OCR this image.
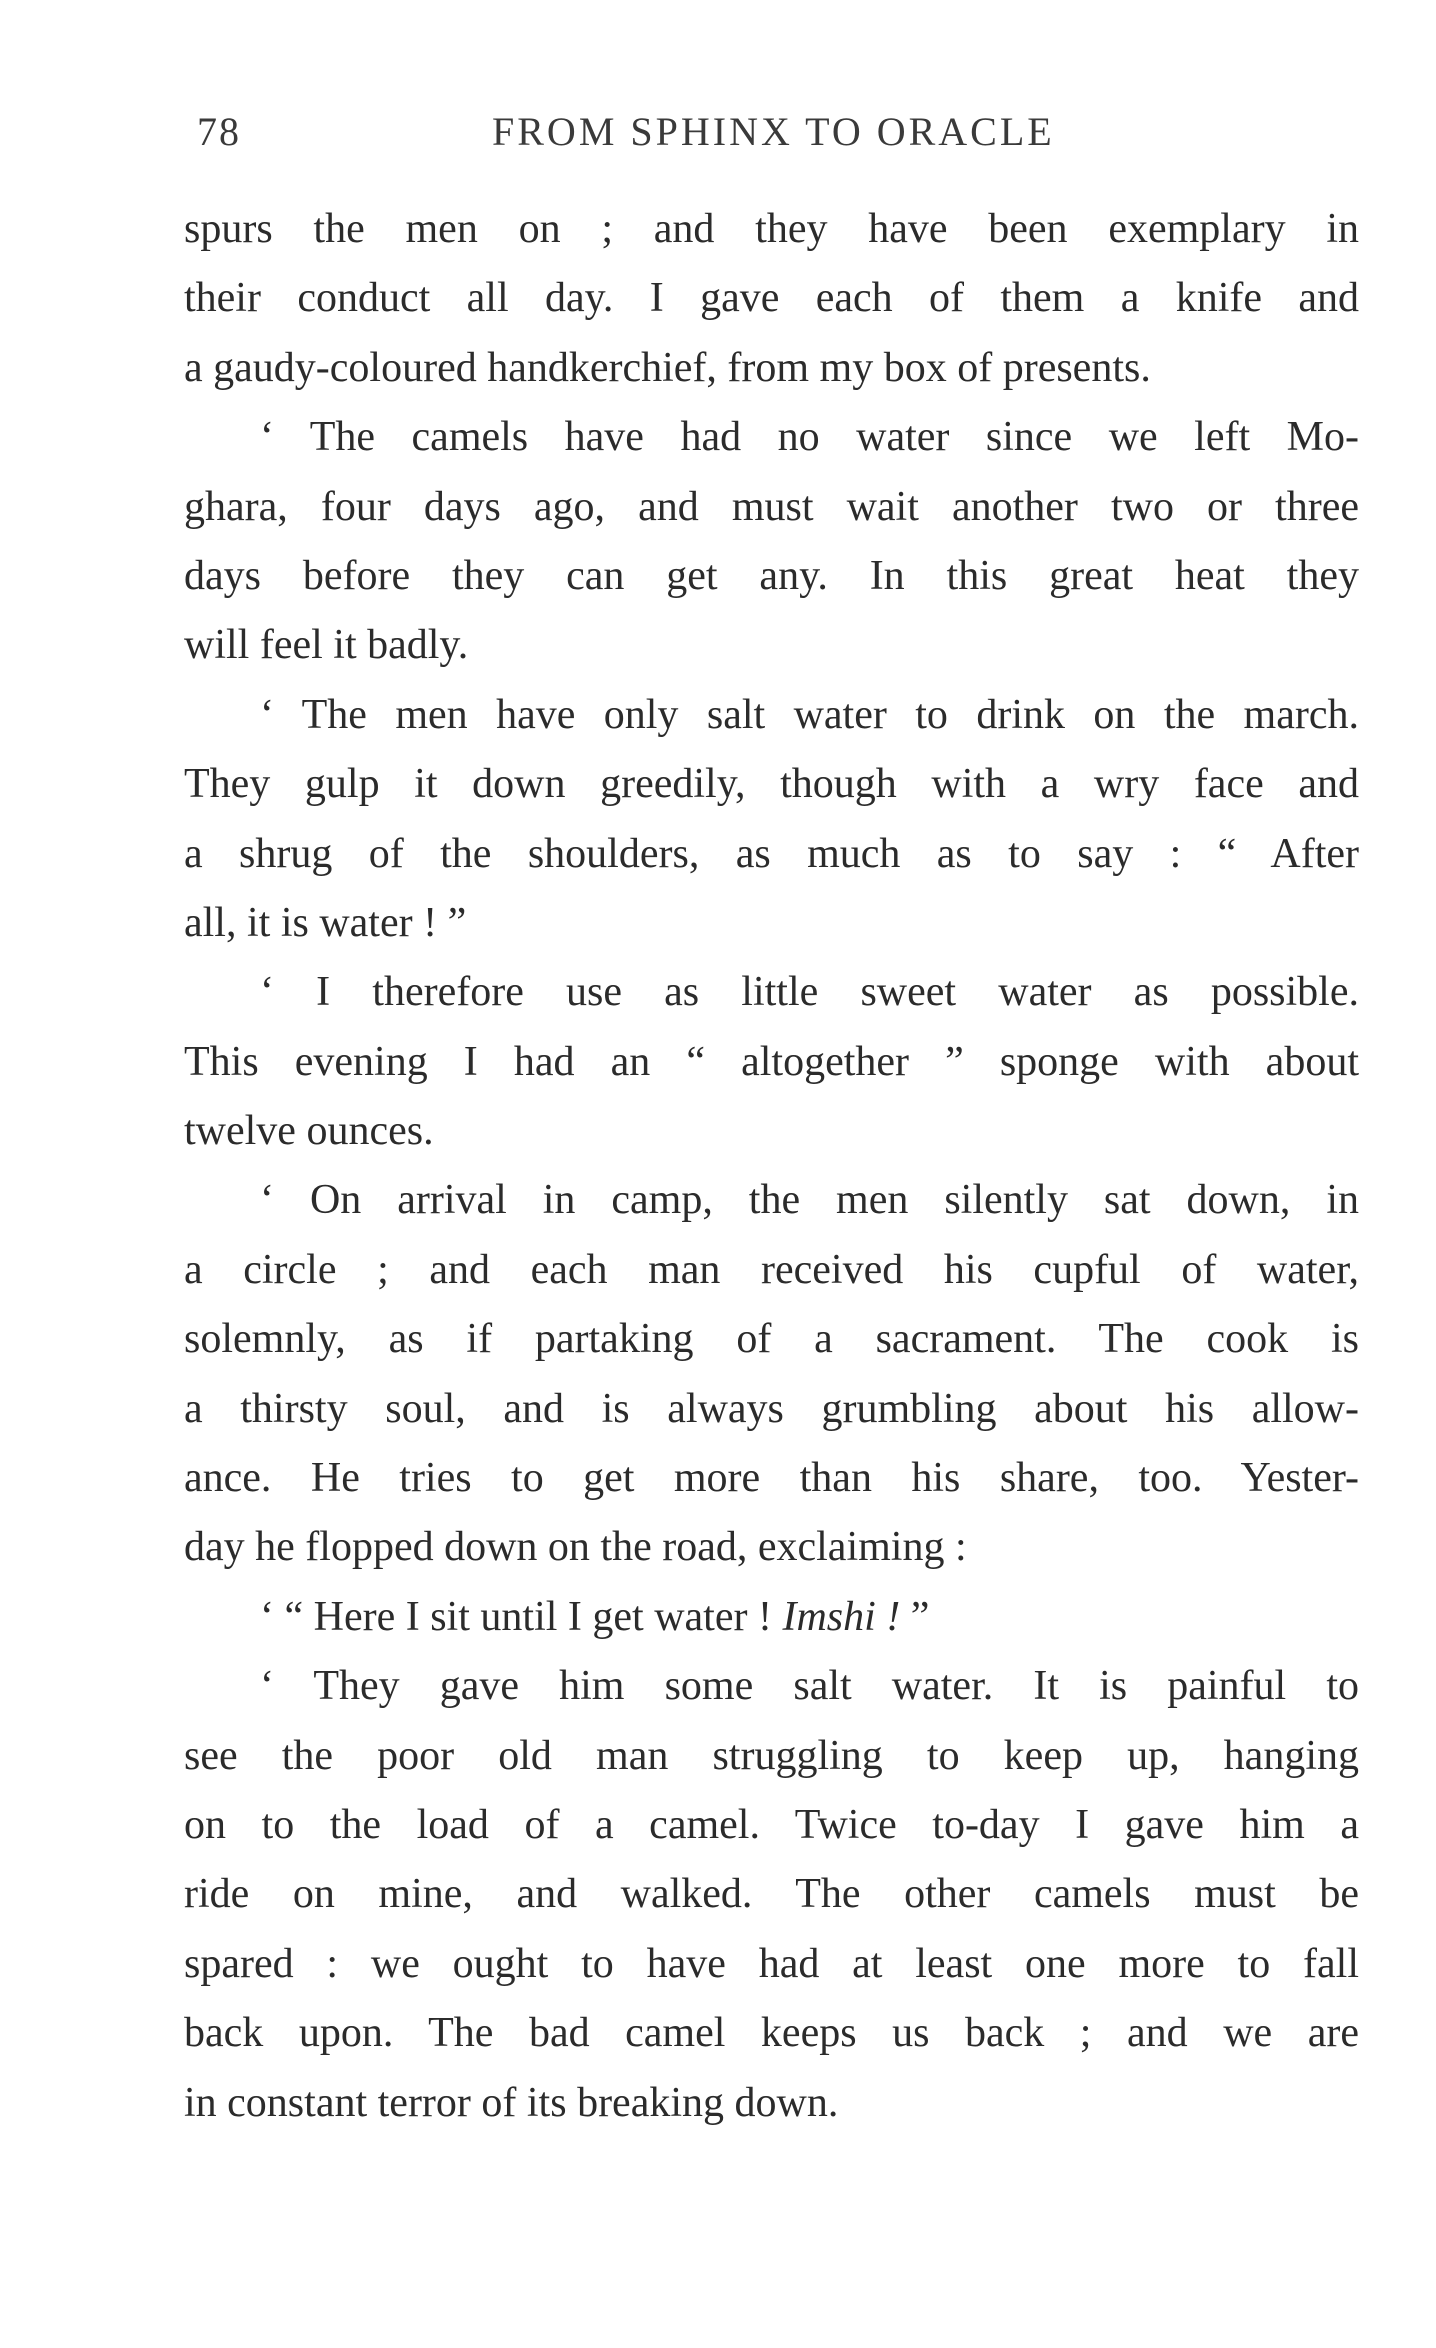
78	FROM SPHINX TO ORACLE
spurs the men on ; and they have been exemplary in
their conduct all day. I gave each of them a knife and
a gaudy-coloured handkerchief, from my box of presents.
‘ The camels have had no water since we left Mo-
ghara, four days ago, and must wait another two or three
days before they can get any. In this great heat they
will feel it badly.
‘ The men have only salt water to drink on the march.
They gulp it down greedily, though with a wry face and
a shrug of the shoulders, as much as to say : “ After
all, it is water ! ”
‘ I therefore use as little sweet water as possible.
This evening I had an “ altogether ” sponge with about
twelve ounces.
‘ On arrival in camp, the men silently sat down, in
a circle ; and each man received his cupful of water,
solemnly, as if partaking of a sacrament. The cook is
a thirsty soul, and is always grumbling about his allow-
ance. He tries to get more than his share, too. Yester-
day he flopped down on the road, exclaiming :
‘ “ Here I sit until I get water ! Imshi ! ”
‘ They gave him some salt water. It is painful to
see the poor old man struggling to keep up, hanging
on to the load of a camel. Twice to-day I gave him a
ride on mine, and walked. The other camels must be
spared : we ought to have had at least one more to fall
back upon. The bad camel keeps us back ; and we are
in constant terror of its breaking down.
